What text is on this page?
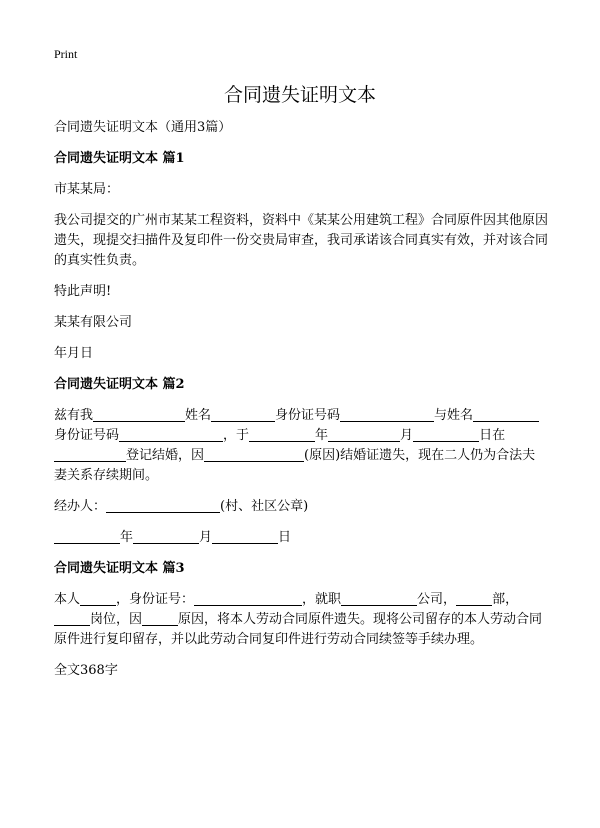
Print
合同遗失证明文本

合同遗失证明文本（通用3篇）

合同遗失证明文本 篇1

市某某局：

我公司提交的广州市某某工程资料，资料中《某某公用建筑工程》合同原件因其他原因遗失，现提交扫描件及复印件一份交贵局审查，我司承诺该合同真实有效，并对该合同的真实性负责。

特此声明!

某某有限公司

年月日

合同遗失证明文本 篇2

兹有我	姓名	身份证号码	与姓名身份证号码	，于	年	月	日在登记结婚，因	(原因)结婚证遗失，现在二人仍为合法夫妻关系存续期间。

经办人：	(村、社区公章)

年	月	日

合同遗失证明文本 篇3

本人	，身份证号：	，就职	公司，	部，岗位，因	原因，将本人劳动合同原件遗失。现将公司留存的本人劳动合同原件进行复印留存，并以此劳动合同复印件进行劳动合同续签等手续办理。

全文368字
